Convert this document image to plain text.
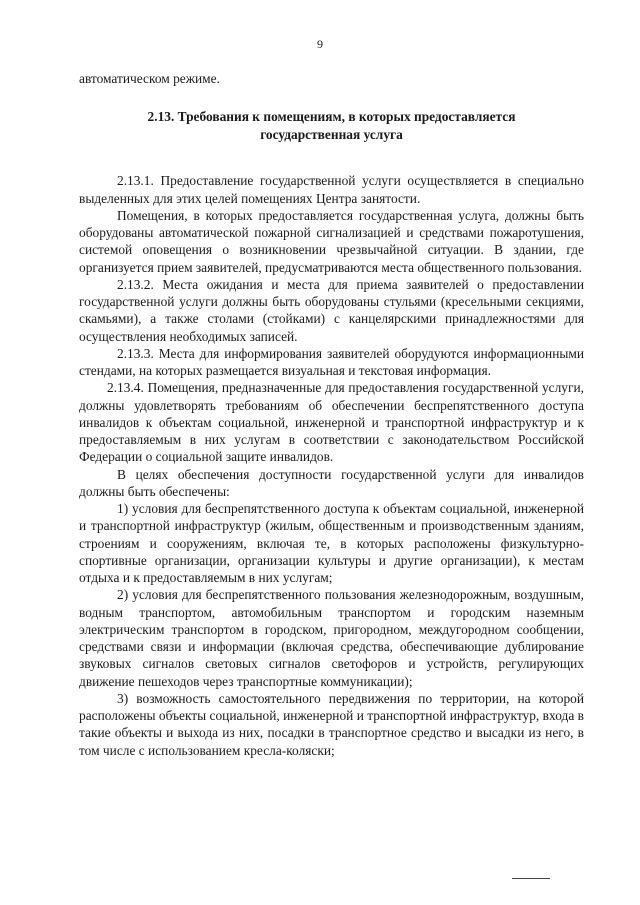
9

автоматическом режиме.

2.13. Требования к помещениям, в которых предоставляется государственная услуга

2.13.1. Предоставление государственной услуги осуществляется в специально выделенных для этих целей помещениях Центра занятости.

Помещения, в которых предоставляется государственная услуга, должны быть оборудованы автоматической пожарной сигнализацией и средствами пожаротушения, системой оповещения о возникновении чрезвычайной ситуации. В здании, где организуется прием заявителей, предусматриваются места общественного пользования.

2.13.2. Места ожидания и места для приема заявителей о предоставлении государственной услуги должны быть оборудованы стульями (кресельными секциями, скамьями), а также столами (стойками) с канцелярскими принадлежностями для осуществления необходимых записей.

2.13.3. Места для информирования заявителей оборудуются информационными стендами, на которых размещается визуальная и текстовая информация.

2.13.4. Помещения, предназначенные для предоставления государственной услуги, должны удовлетворять требованиям об обеспечении беспрепятственного доступа инвалидов к объектам социальной, инженерной и транспортной инфраструктур и к предоставляемым в них услугам в соответствии с законодательством Российской Федерации о социальной защите инвалидов.

В целях обеспечения доступности государственной услуги для инвалидов должны быть обеспечены:

1) условия для беспрепятственного доступа к объектам социальной, инженерной и транспортной инфраструктур (жилым, общественным и производственным зданиям, строениям и сооружениям, включая те, в которых расположены физкультурно-спортивные организации, организации культуры и другие организации), к местам отдыха и к предоставляемым в них услугам;

2) условия для беспрепятственного пользования железнодорожным, воздушным, водным транспортом, автомобильным транспортом и городским наземным электрическим транспортом в городском, пригородном, междугородном сообщении, средствами связи и информации (включая средства, обеспечивающие дублирование звуковых сигналов световых сигналов светофоров и устройств, регулирующих движение пешеходов через транспортные коммуникации);

3) возможность самостоятельного передвижения по территории, на которой расположены объекты социальной, инженерной и транспортной инфраструктур, входа в такие объекты и выхода из них, посадки в транспортное средство и высадки из него, в том числе с использованием кресла-коляски;
